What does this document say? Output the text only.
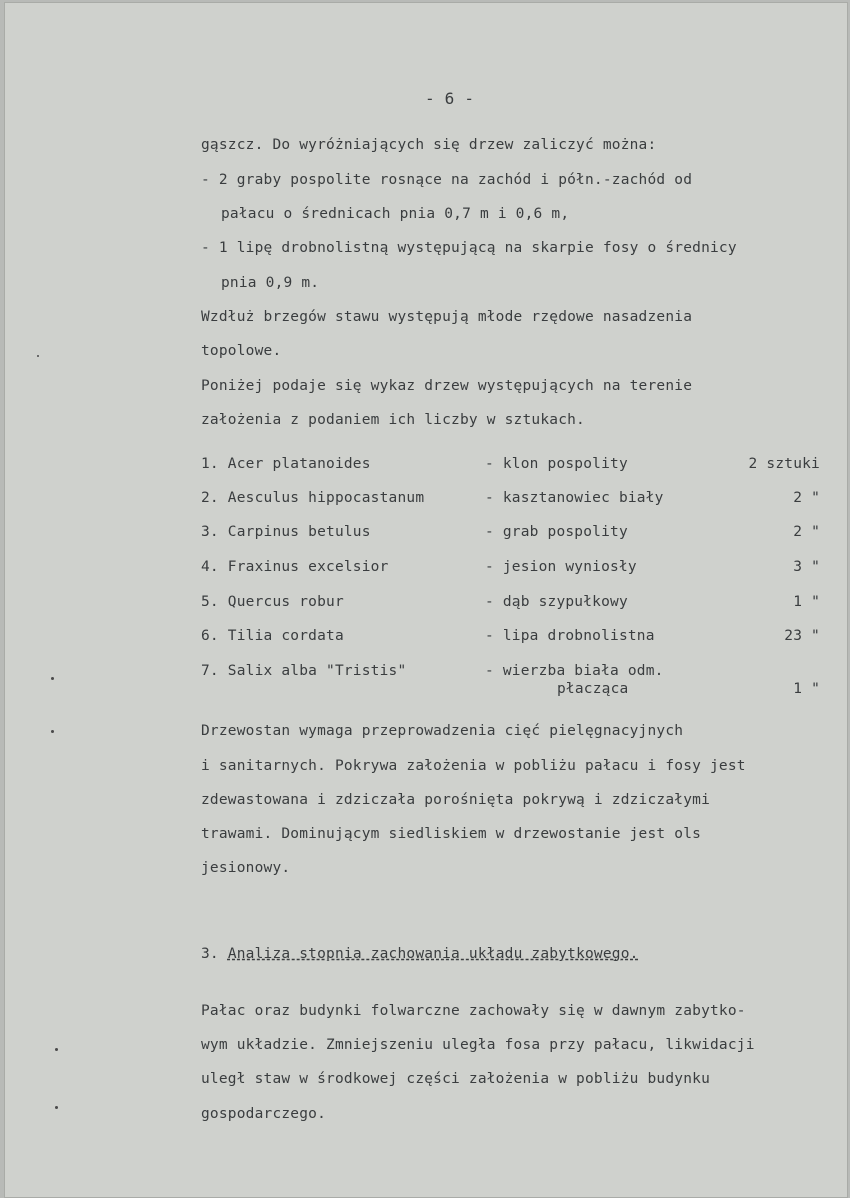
- 6 -
gąszcz. Do wyróżniających się drzew zaliczyć można:
- 2 graby pospolite rosnące na zachód i półn.-zachód od
pałacu o średnicach pnia 0,7 m i 0,6 m,
- 1 lipę drobnolistną występującą na skarpie fosy o średnicy
pnia 0,9 m.
Wzdłuż brzegów stawu występują młode rzędowe nasadzenia
topolowe.
Poniżej podaje się wykaz drzew występujących na terenie
założenia z podaniem ich liczby w sztukach.
1. Acer platanoides	- klon pospolity	2 sztuki
2. Aesculus hippocastanum	- kasztanowiec biały	2 "
3. Carpinus betulus	- grab pospolity	2 "
4. Fraxinus excelsior	- jesion wyniosły	3 "
5. Quercus robur	- dąb szypułkowy	1 "
6. Tilia cordata	- lipa drobnolistna	23 "
7. Salix alba "Tristis"	- wierzba biała odm.
płacząca	1 "
Drzewostan wymaga przeprowadzenia cięć pielęgnacyjnych
i sanitarnych. Pokrywa założenia w pobliżu pałacu i fosy jest
zdewastowana i zdziczała porośnięta pokrywą i zdziczałymi
trawami. Dominującym siedliskiem w drzewostanie jest ols
jesionowy.
3. Analiza stopnia zachowania układu zabytkowego.
Pałac oraz budynki folwarczne zachowały się w dawnym zabytko-
wym układzie. Zmniejszeniu uległa fosa przy pałacu, likwidacji
uległ staw w środkowej części założenia w pobliżu budynku
gospodarczego.
